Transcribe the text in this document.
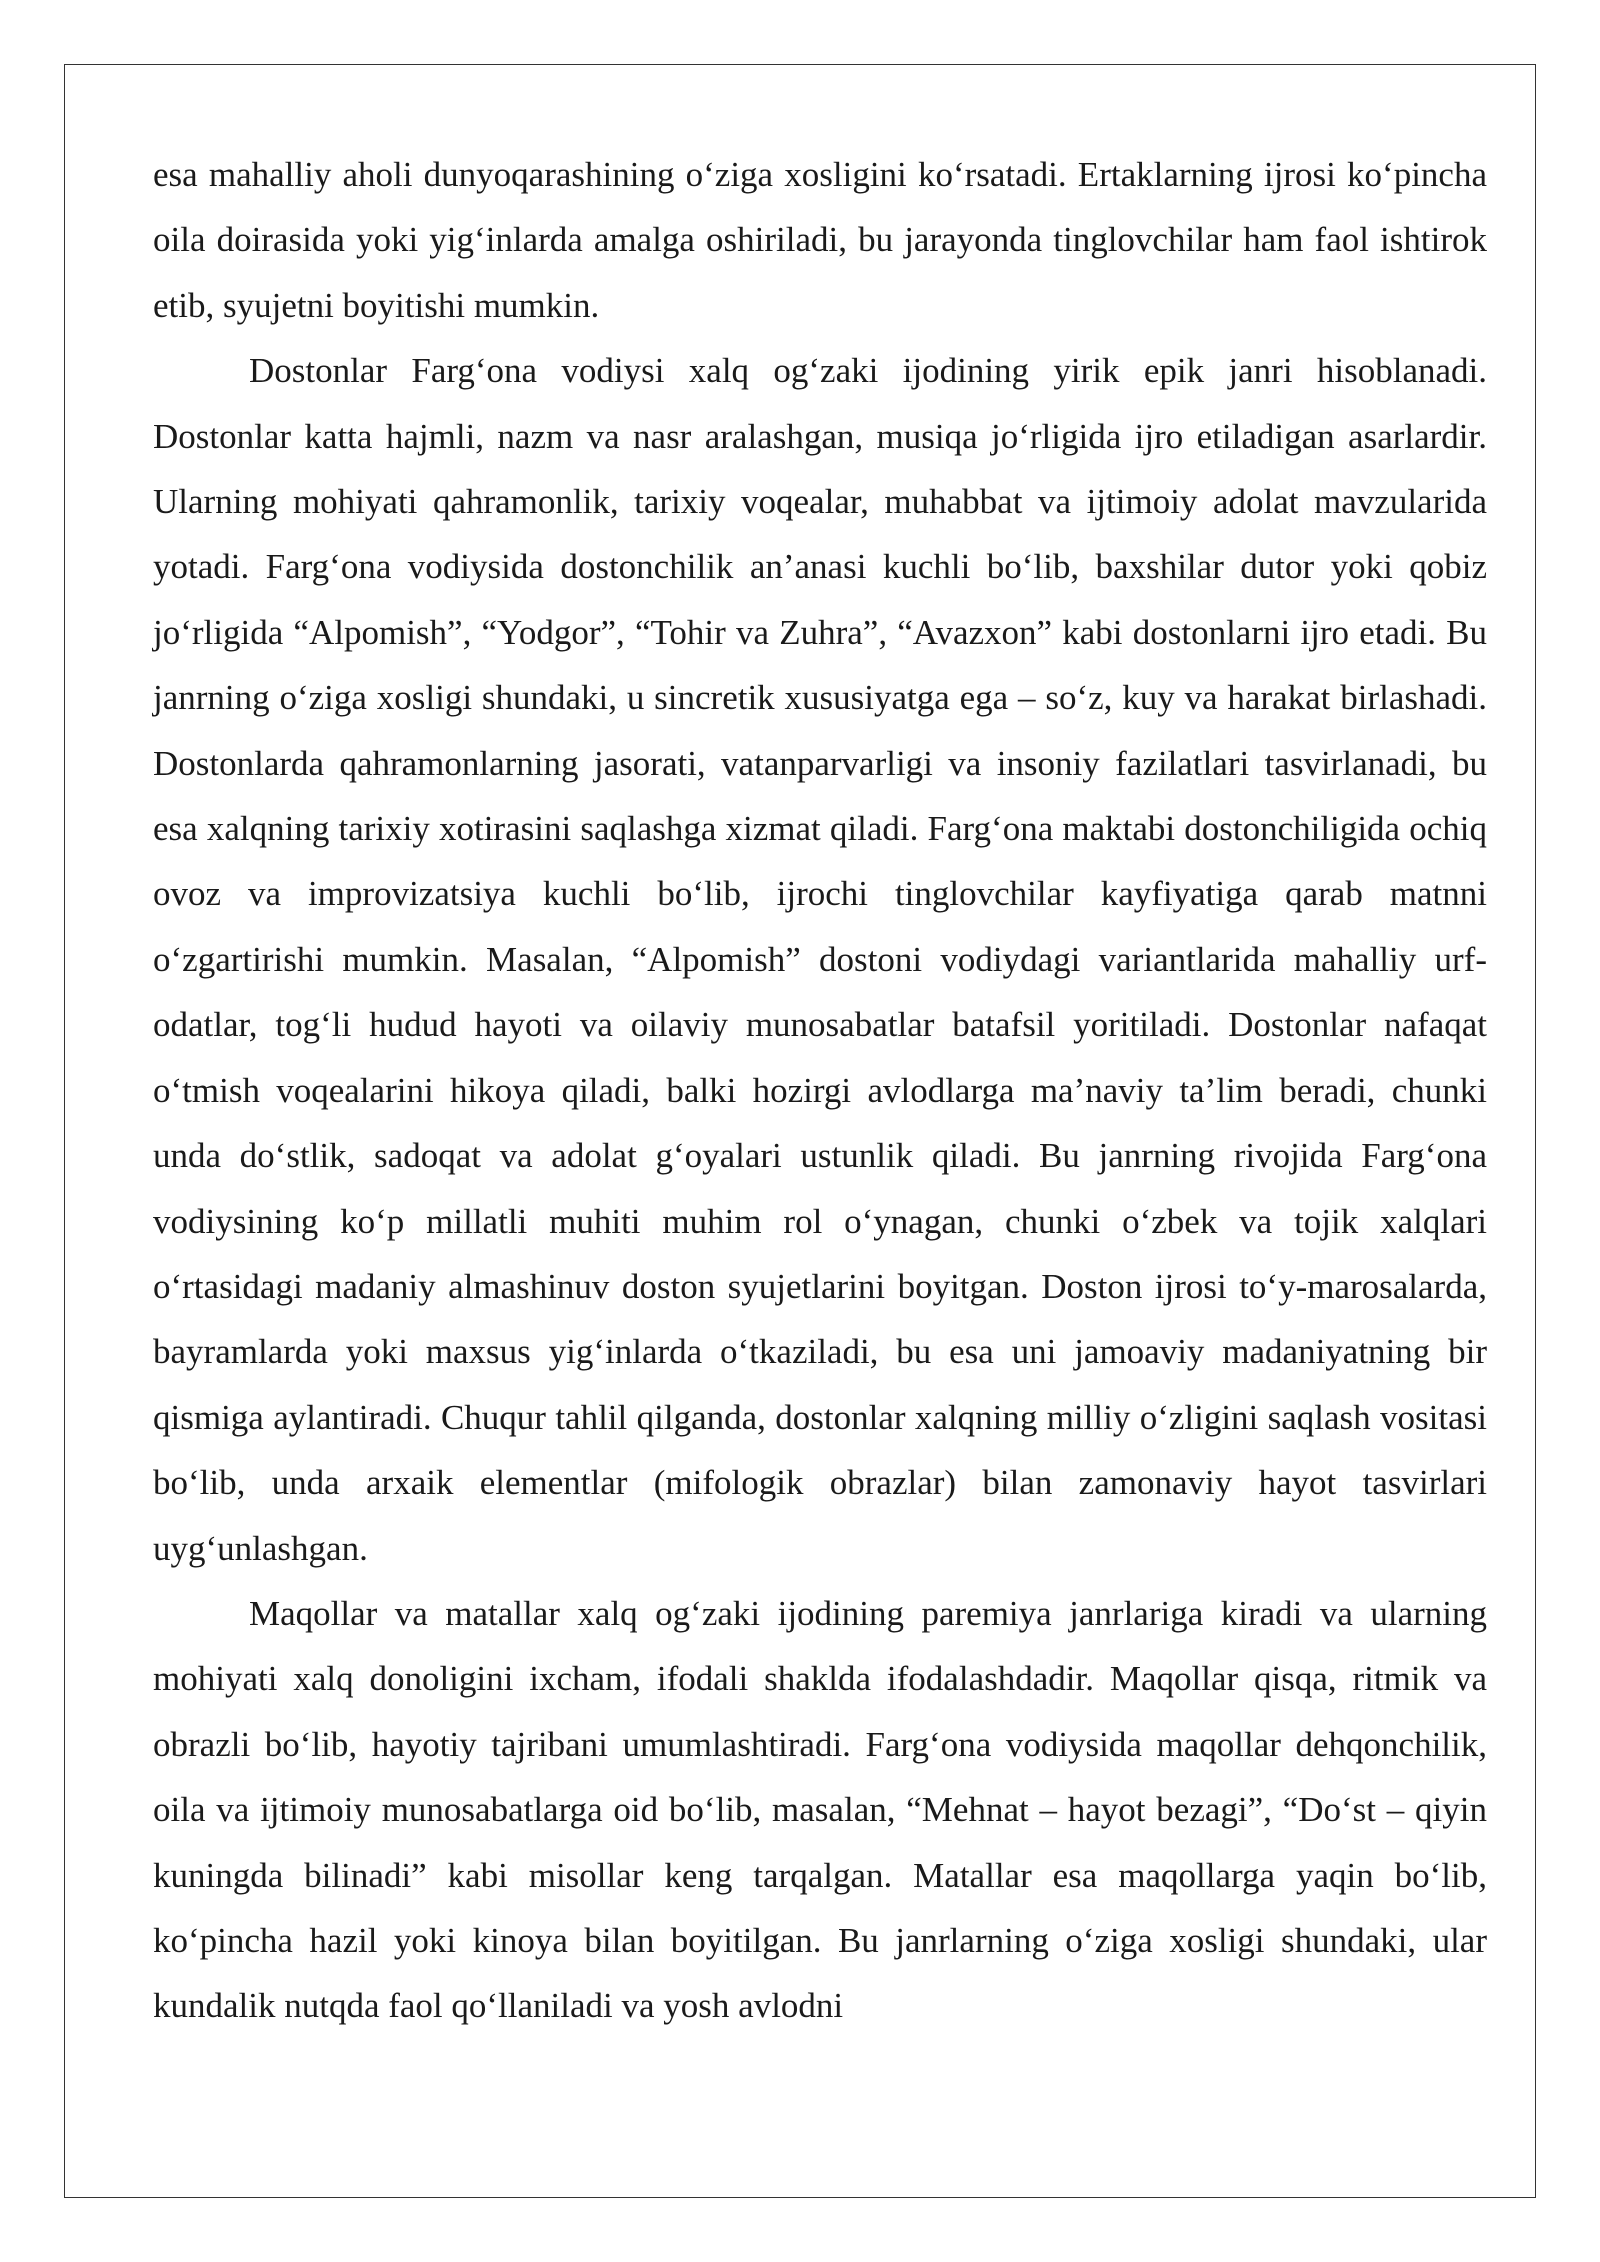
esa mahalliy aholi dunyoqarashining o‘ziga xosligini ko‘rsatadi. Ertaklarning ijrosi ko‘pincha oila doirasida yoki yig‘inlarda amalga oshiriladi, bu jarayonda tinglovchilar ham faol ishtirok etib, syujetni boyitishi mumkin.

Dostonlar Farg‘ona vodiysi xalq og‘zaki ijodining yirik epik janri hisoblanadi. Dostonlar katta hajmli, nazm va nasr aralashgan, musiqa jo‘rligida ijro etiladigan asarlardir. Ularning mohiyati qahramonlik, tarixiy voqealar, muhabbat va ijtimoiy adolat mavzularida yotadi. Farg‘ona vodiysida dostonchilik an’anasi kuchli bo‘lib, baxshilar dutor yoki qobiz jo‘rligida “Alpomish”, “Yodgor”, “Tohir va Zuhra”, “Avazxon” kabi dostonlarni ijro etadi. Bu janrning o‘ziga xosligi shundaki, u sincretik xususiyatga ega – so‘z, kuy va harakat birlashadi. Dostonlarda qahramonlarning jasorati, vatanparvarligi va insoniy fazilatlari tasvirlanadi, bu esa xalqning tarixiy xotirasini saqlashga xizmat qiladi. Farg‘ona maktabi dostonchiligida ochiq ovoz va improvizatsiya kuchli bo‘lib, ijrochi tinglovchilar kayfiyatiga qarab matnni o‘zgartirishi mumkin. Masalan, “Alpomish” dostoni vodiydagi variantlarida mahalliy urf-odatlar, tog‘li hudud hayoti va oilaviy munosabatlar batafsil yoritiladi. Dostonlar nafaqat o‘tmish voqealarini hikoya qiladi, balki hozirgi avlodlarga ma’naviy ta’lim beradi, chunki unda do‘stlik, sadoqat va adolat g‘oyalari ustunlik qiladi. Bu janrning rivojida Farg‘ona vodiysining ko‘p millatli muhiti muhim rol o‘ynagan, chunki o‘zbek va tojik xalqlari o‘rtasidagi madaniy almashinuv doston syujetlarini boyitgan. Doston ijrosi to‘y-marosalarda, bayramlarda yoki maxsus yig‘inlarda o‘tkaziladi, bu esa uni jamoaviy madaniyatning bir qismiga aylantiradi. Chuqur tahlil qilganda, dostonlar xalqning milliy o‘zligini saqlash vositasi bo‘lib, unda arxaik elementlar (mifologik obrazlar) bilan zamonaviy hayot tasvirlari uyg‘unlashgan.

Maqollar va matallar xalq og‘zaki ijodining paremiya janrlariga kiradi va ularning mohiyati xalq donoligini ixcham, ifodali shaklda ifodalashdadir. Maqollar qisqa, ritmik va obrazli bo‘lib, hayotiy tajribani umumlashtiradi. Farg‘ona vodiysida maqollar dehqonchilik, oila va ijtimoiy munosabatlarga oid bo‘lib, masalan, “Mehnat – hayot bezagi”, “Do‘st – qiyin kuningda bilinadi” kabi misollar keng tarqalgan. Matallar esa maqollarga yaqin bo‘lib, ko‘pincha hazil yoki kinoya bilan boyitilgan. Bu janrlarning o‘ziga xosligi shundaki, ular kundalik nutqda faol qo‘llaniladi va yosh avlodni
